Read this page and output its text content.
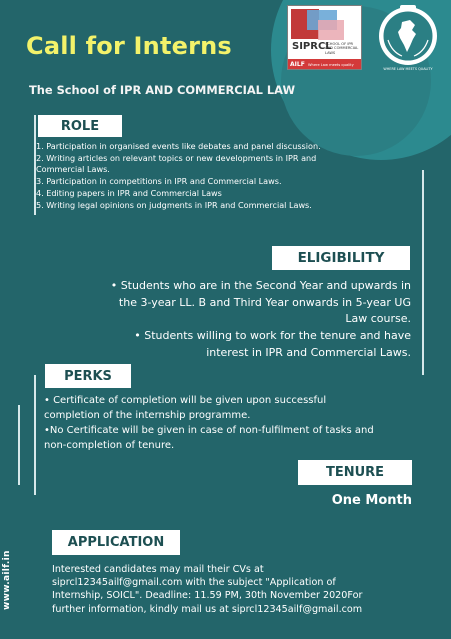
Call for Interns
The School of IPR AND COMMERCIAL LAW
SIPRCL
SCHOOL OF IPR AND COMMERCIAL LAWS
AILF Where Law meets quality
WHERE LAW MEETS QUALITY
ROLE
1. Participation in organised events like debates and panel discussion.
2. Writing articles on relevant topics or new developments in IPR and Commercial Laws.
3. Participation in competitions in IPR and Commercial Laws.
4. Editing papers in IPR and Commercial Laws
5. Writing legal opinions on judgments in IPR and Commercial Laws.
ELIGIBILITY
• Students who are in the Second Year and upwards in the 3-year LL. B and Third Year onwards in 5-year UG Law course.
• Students willing to work for the tenure and have interest in IPR and Commercial Laws.
PERKS
• Certificate of completion will be given upon successful completion of the internship programme.
•No Certificate will be given in case of non-fulfilment of tasks and non-completion of tenure.
TENURE
One Month
APPLICATION
Interested candidates may mail their CVs at siprcl12345ailf@gmail.com with the subject "Application of Internship, SOICL". Deadline: 11.59 PM, 30th November 2020For further information, kindly mail us at siprcl12345ailf@gmail.com
www.ailf.in
